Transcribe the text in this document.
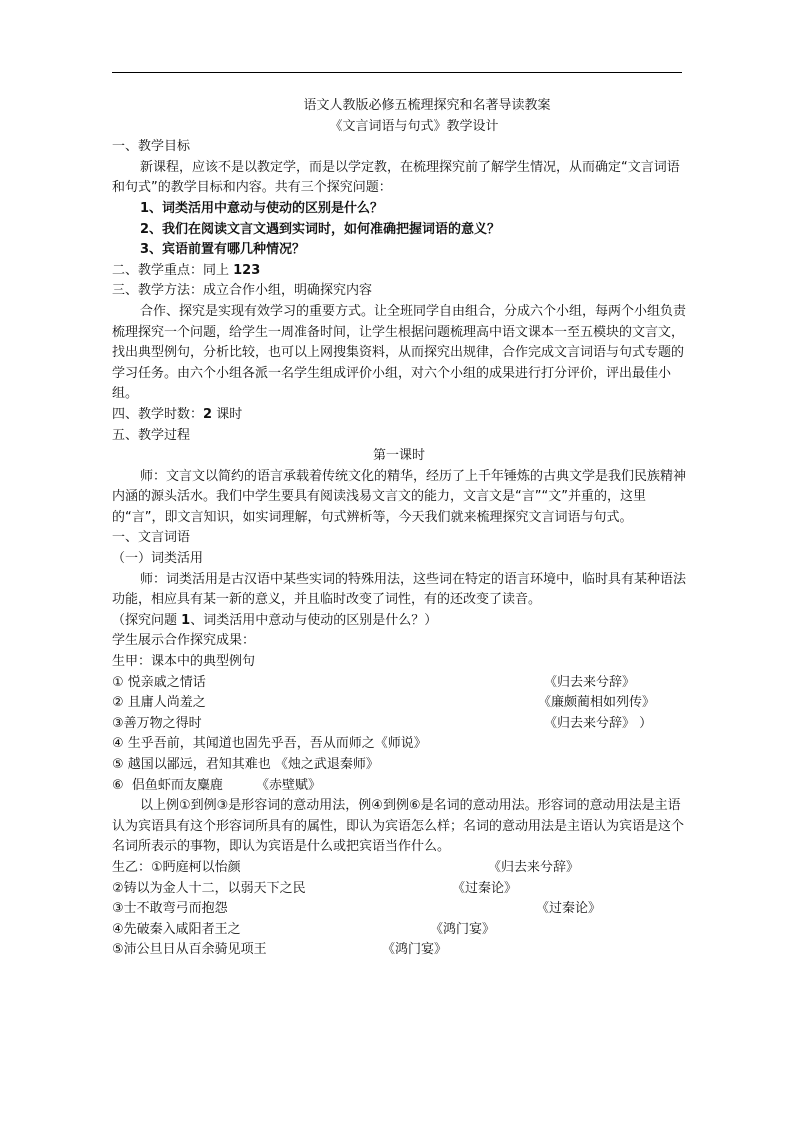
语文人教版必修五梳理探究和名著导读教案
《文言词语与句式》教学设计
一、教学目标

新课程，应该不是以教定学，而是以学定教，在梳理探究前了解学生情况，从而确定“文言词语和句式”的教学目标和内容。共有三个探究问题：

1、词类活用中意动与使动的区别是什么？
2、我们在阅读文言文遇到实词时，如何准确把握词语的意义？
3、宾语前置有哪几种情况？
二、教学重点：同上 123
三、教学方法：成立合作小组，明确探究内容

合作、探究是实现有效学习的重要方式。让全班同学自由组合，分成六个小组，每两个小组负责梳理探究一个问题，给学生一周准备时间，让学生根据问题梳理高中语文课本一至五模块的文言文，找出典型例句，分析比较，也可以上网搜集资料，从而探究出规律，合作完成文言词语与句式专题的学习任务。由六个小组各派一名学生组成评价小组，对六个小组的成果进行打分评价，评出最佳小组。

四、教学时数：2 课时
五、教学过程
第一课时

师：文言文以简约的语言承载着传统文化的精华，经历了上千年锤炼的古典文学是我们民族精神内涵的源头活水。我们中学生要具有阅读浅易文言文的能力，文言文是“言”“文”并重的，这里的“言”，即文言知识，如实词理解，句式辨析等，今天我们就来梳理探究文言词语与句式。

一、文言词语
（一）词类活用

师：词类活用是古汉语中某些实词的特殊用法，这些词在特定的语言环境中，临时具有某种语法功能，相应具有某一新的意义，并且临时改变了词性，有的还改变了读音。

（探究问题 1、词类活用中意动与使动的区别是什么？）
学生展示合作探究成果：
生甲：课本中的典型例句
① 悦亲戚之情话	《归去来兮辞》
② 且庸人尚羞之	《廉颇蔺相如列传》
③善万物之得时	《归去来兮辞》 ）
④ 生乎吾前，其闻道也固先乎吾，吾从而师之《师说》
⑤ 越国以鄙远，君知其难也 《烛之武退秦师》
⑥  侣鱼虾而友麋鹿        《赤壁赋》

以上例①到例③是形容词的意动用法，例④到例⑥是名词的意动用法。形容词的意动用法是主语认为宾语具有这个形容词所具有的属性，即认为宾语怎么样；名词的意动用法是主语认为宾语是这个名词所表示的事物，即认为宾语是什么或把宾语当作什么。

生乙：①眄庭柯以怡颜	《归去来兮辞》
②铸以为金人十二，以弱天下之民	《过秦论》
③士不敢弯弓而抱怨	《过秦论》
④先破秦入咸阳者王之	《鸿门宴》
⑤沛公旦日从百余骑见项王	《鸿门宴》
